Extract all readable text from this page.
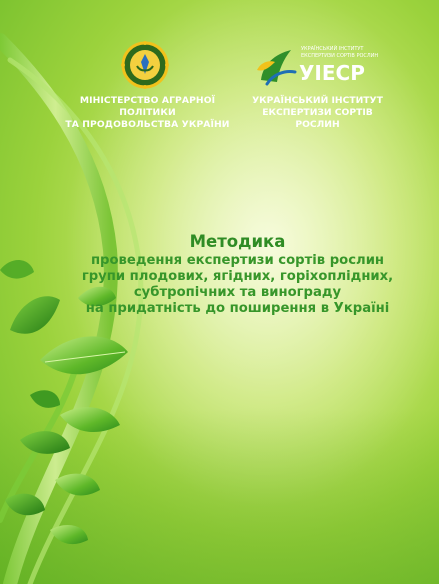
УКРАЇНСЬКИЙ ІНСТИТУТ
ЕКСПЕРТИЗИ СОРТІВ РОСЛИН
УІЕСР
МІНІСТЕРСТВО АГРАРНОЇ ПОЛІТИКИ
ТА ПРОДОВОЛЬСТВА УКРАЇНИ
УКРАЇНСЬКИЙ ІНСТИТУТ
ЕКСПЕРТИЗИ СОРТІВ РОСЛИН
Методика
проведення експертизи сортів рослин
групи плодових, ягідних, горіхоплідних,
субтропічних та винограду
на придатність до поширення в Україні
